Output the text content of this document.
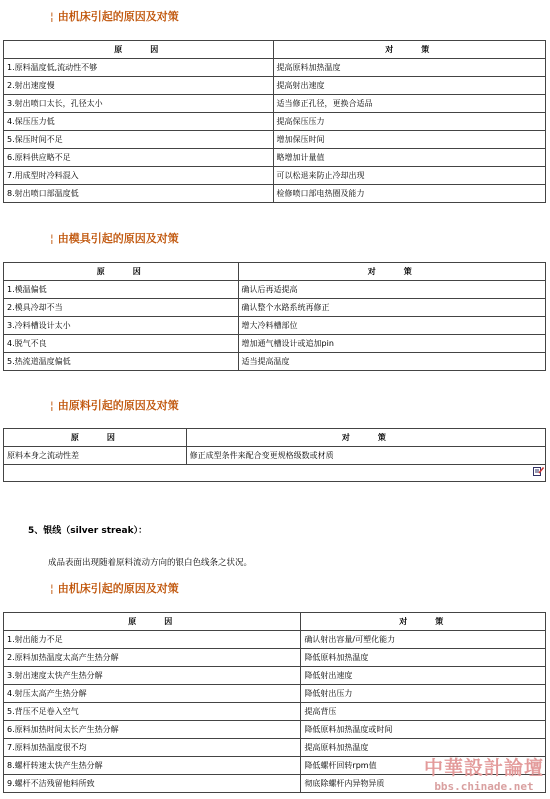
¦ 由机床引起的原因及对策
原　　因	对　　策
1.原料温度低,流动性不够	提高原料加热温度
2.射出速度慢	提高射出速度
3.射出喷口太长，孔径太小	适当修正孔径，更换合适品
4.保压压力低	提高保压压力
5.保压时间不足	增加保压时间
6.原料供应略不足	略增加计量值
7.用成型时冷料混入	可以松退来防止冷却出现
8.射出喷口部温度低	检修喷口部电热圈及能力
¦ 由模具引起的原因及对策
原　　因	对　　策
1.模温偏低	确认后再适提高
2.模具冷却不当	确认整个水路系统再修正
3.冷料槽设计太小	增大冷料槽部位
4.脱气不良	增加通气槽设计或追加pin
5.热流道温度偏低	适当提高温度
¦ 由原料引起的原因及对策
原　　因	对　　策
原料本身之流动性差	修正成型条件来配合变更规格级数或材质
5、银线（silver streak）：
成品表面出现随着原料流动方向的银白色线条之状况。
¦ 由机床引起的原因及对策
原　　因	对　　策
1.射出能力不足	确认射出容量/可塑化能力
2.原料加热温度太高产生热分解	降低原料加热温度
3.射出速度太快产生热分解	降低射出速度
4.射压太高产生热分解	降低射出压力
5.背压不足卷入空气	提高背压
6.原料加热时间太长产生热分解	降低原料加热温度或时间
7.原料加热温度很不均	提高原料加热温度
8.螺杆转速太快产生热分解	降低螺杆回转rpm值
9.螺杆不洁残留他料所致	彻底除螺杆内异物异质
中華設計論壇
bbs.chinade.net
